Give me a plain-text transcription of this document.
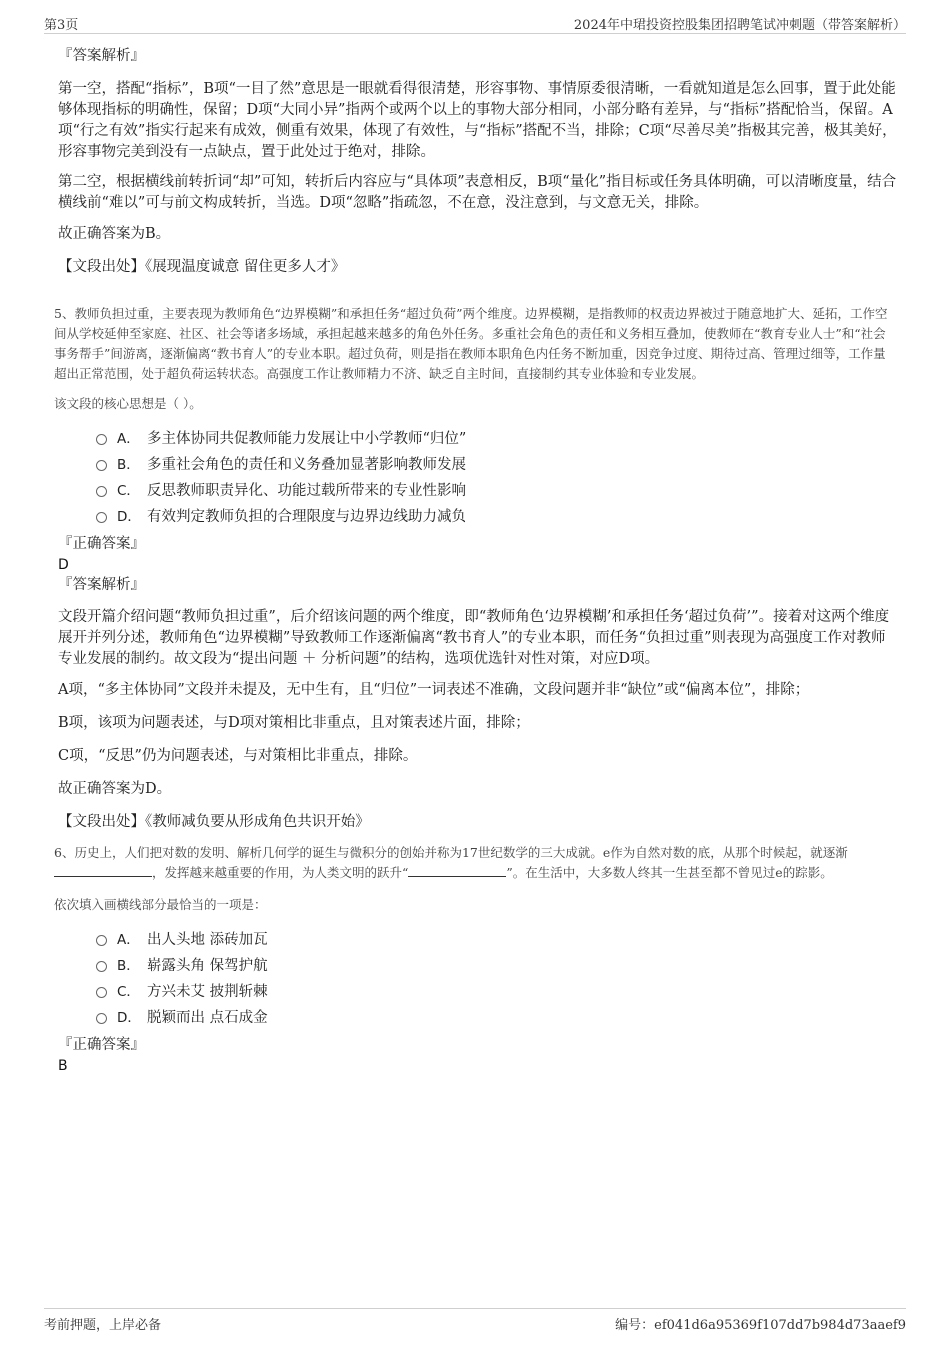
第3页	2024年中珺投资控股集团招聘笔试冲刺题（带答案解析）
『答案解析』

第一空，搭配“指标”，B项“一目了然”意思是一眼就看得很清楚，形容事物、事情原委很清晰，一看就知道是怎么回事，置于此处能够体现指标的明确性，保留；D项“大同小异”指两个或两个以上的事物大部分相同，小部分略有差异，与“指标”搭配恰当，保留。A项“行之有效”指实行起来有成效，侧重有效果，体现了有效性，与“指标”搭配不当，排除；C项“尽善尽美”指极其完善，极其美好，形容事物完美到没有一点缺点，置于此处过于绝对，排除。

第二空，根据横线前转折词“却”可知，转折后内容应与“具体项”表意相反，B项“量化”指目标或任务具体明确，可以清晰度量，结合横线前“难以”可与前文构成转折，当选。D项“忽略”指疏忽，不在意，没注意到，与文意无关，排除。

故正确答案为B。

【文段出处】《展现温度诚意 留住更多人才》

5、教师负担过重，主要表现为教师角色“边界模糊”和承担任务“超过负荷”两个维度。边界模糊，是指教师的权责边界被过于随意地扩大、延拓，工作空间从学校延伸至家庭、社区、社会等诸多场域，承担起越来越多的角色外任务。多重社会角色的责任和义务相互叠加，使教师在“教育专业人士”和“社会事务帮手”间游离，逐渐偏离“教书育人”的专业本职。超过负荷，则是指在教师本职角色内任务不断加重，因竞争过度、期待过高、管理过细等，工作量超出正常范围，处于超负荷运转状态。高强度工作让教师精力不济、缺乏自主时间，直接制约其专业体验和专业发展。

该文段的核心思想是（ ）。

A． 多主体协同共促教师能力发展让中小学教师“归位”
B． 多重社会角色的责任和义务叠加显著影响教师发展
C． 反思教师职责异化、功能过载所带来的专业性影响
D． 有效判定教师负担的合理限度与边界边线助力减负
『正确答案』
D
『答案解析』

文段开篇介绍问题“教师负担过重”，后介绍该问题的两个维度，即“教师角色‘边界模糊’和承担任务‘超过负荷’”。接着对这两个维度展开并列分述，教师角色“边界模糊”导致教师工作逐渐偏离“教书育人”的专业本职，而任务“负担过重”则表现为高强度工作对教师专业发展的制约。故文段为“提出问题 ＋ 分析问题”的结构，选项优选针对性对策，对应D项。

A项，“多主体协同”文段并未提及，无中生有，且“归位”一词表述不准确，文段问题并非“缺位”或“偏离本位”，排除；

B项，该项为问题表述，与D项对策相比非重点，且对策表述片面，排除；

C项，“反思”仍为问题表述，与对策相比非重点，排除。

故正确答案为D。

【文段出处】《教师减负要从形成角色共识开始》

6、历史上，人们把对数的发明、解析几何学的诞生与微积分的创始并称为17世纪数学的三大成就。e作为自然对数的底，从那个时候起，就逐渐，发挥越来越重要的作用，为人类文明的跃升“	”。在生活中，大多数人终其一生甚至都不曾见过e的踪影。

依次填入画横线部分最恰当的一项是：

A． 出人头地 添砖加瓦
B． 崭露头角 保驾护航
C． 方兴未艾 披荆斩棘
D． 脱颖而出 点石成金
『正确答案』
B
考前押题，上岸必备	编号：ef041d6a95369f107dd7b984d73aaef9
